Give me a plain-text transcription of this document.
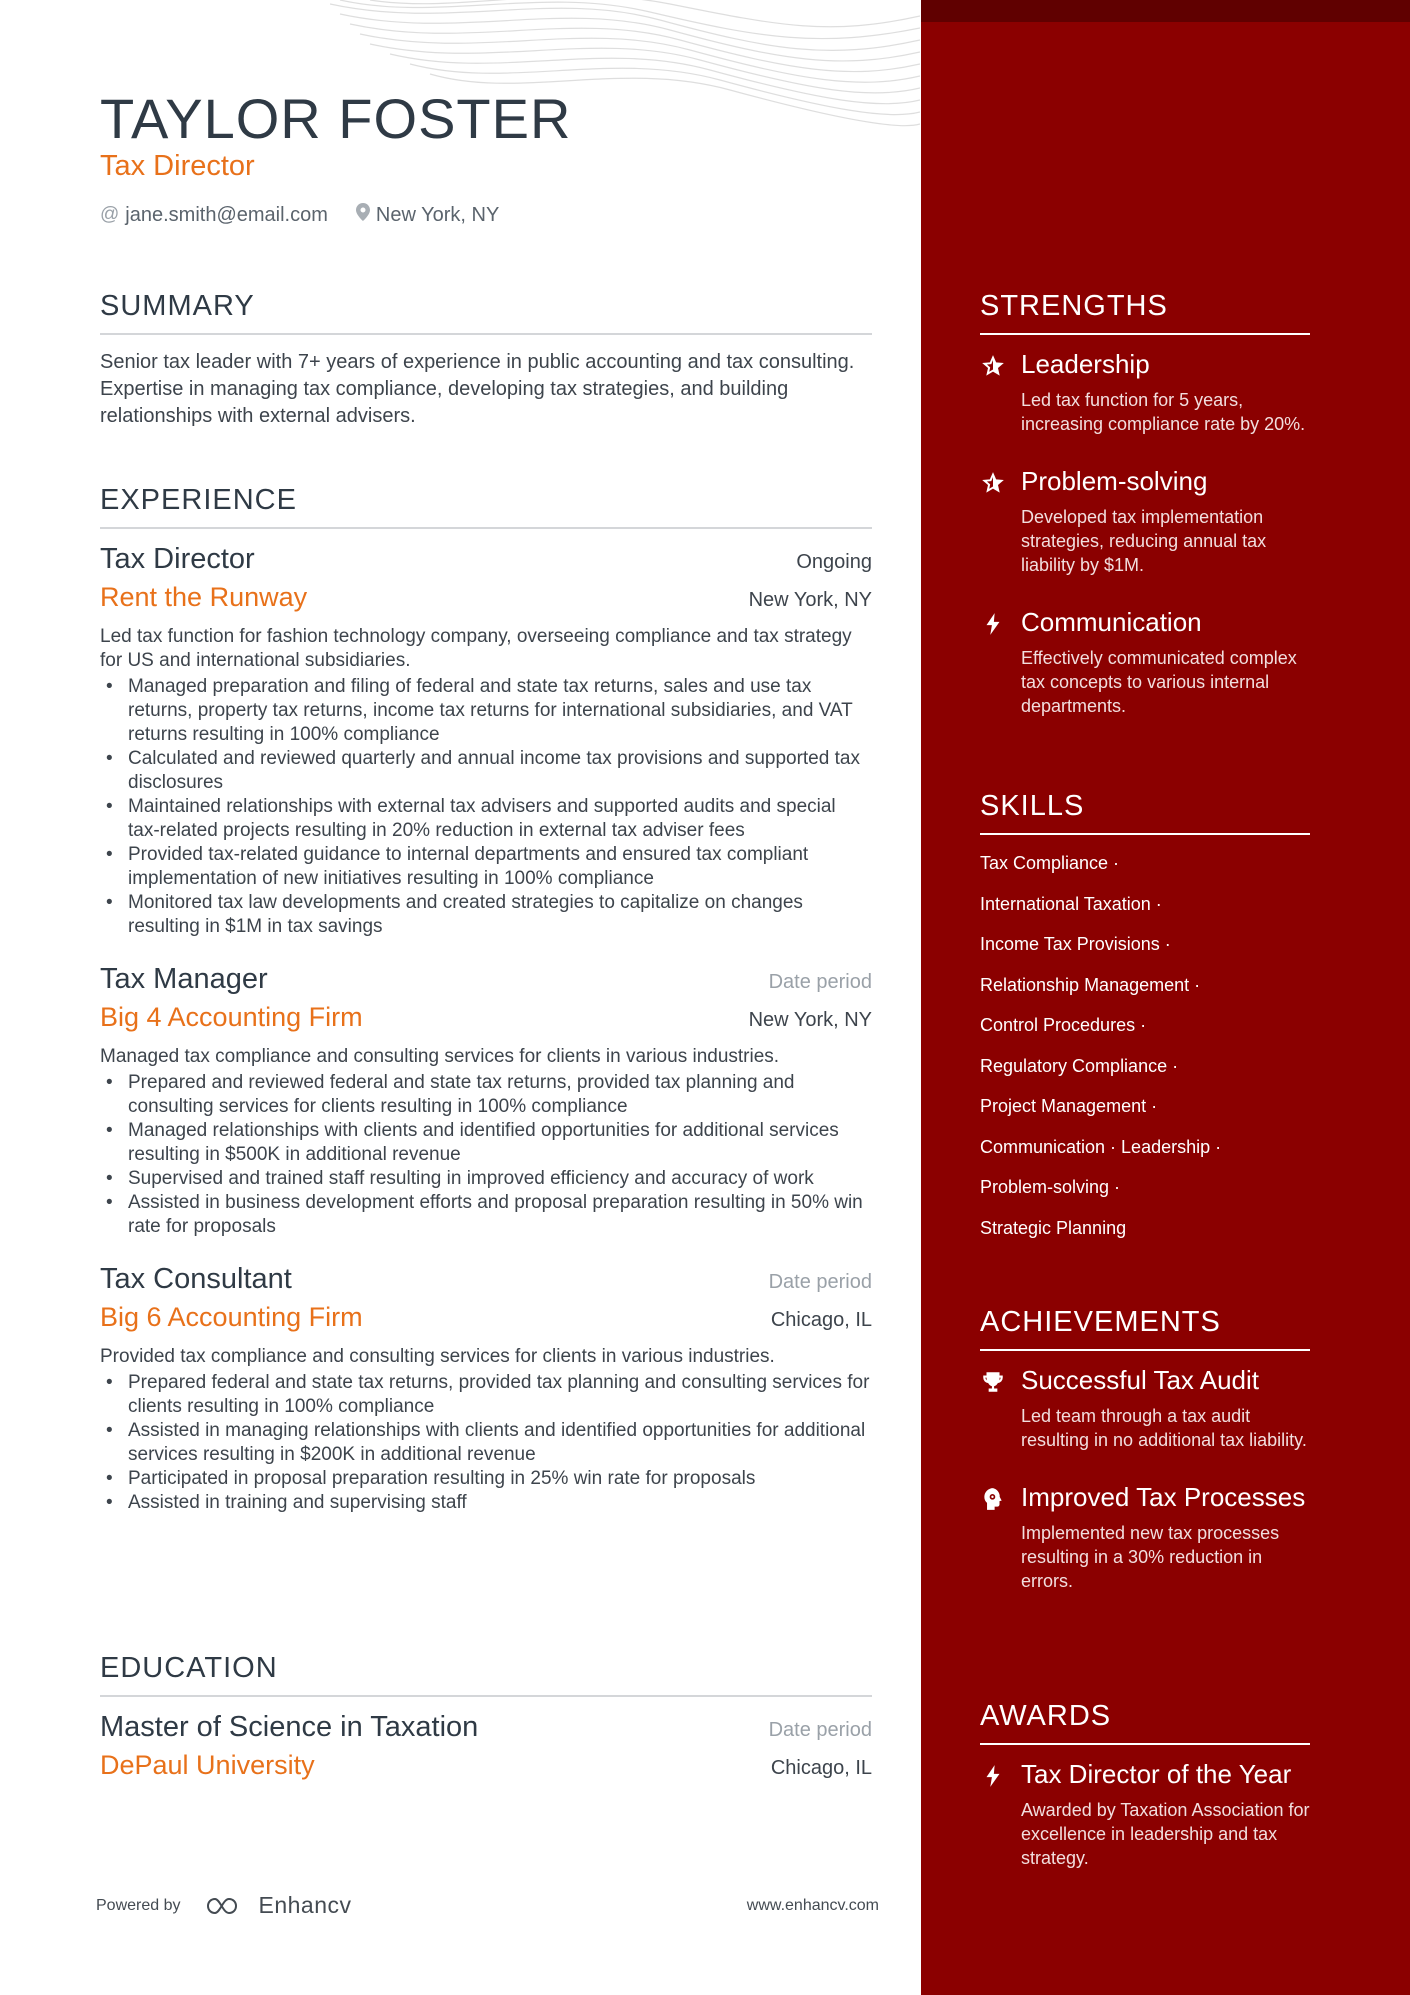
TAYLOR FOSTER
Tax Director
@ jane.smith@email.com New York, NY
SUMMARY

Senior tax leader with 7+ years of experience in public accounting and tax consulting. Expertise in managing tax compliance, developing tax strategies, and building relationships with external advisers.

EXPERIENCE
Tax Director	Ongoing
Rent the Runway	New York, NY
Led tax function for fashion technology company, overseeing compliance and tax strategy for US and international subsidiaries.
• Managed preparation and filing of federal and state tax returns, sales and use tax returns, property tax returns, income tax returns for international subsidiaries, and VAT returns resulting in 100% compliance
• Calculated and reviewed quarterly and annual income tax provisions and supported tax disclosures
• Maintained relationships with external tax advisers and supported audits and special tax-related projects resulting in 20% reduction in external tax adviser fees
• Provided tax-related guidance to internal departments and ensured tax compliant implementation of new initiatives resulting in 100% compliance
• Monitored tax law developments and created strategies to capitalize on changes resulting in $1M in tax savings
Tax Manager	Date period
Big 4 Accounting Firm	New York, NY
Managed tax compliance and consulting services for clients in various industries.
• Prepared and reviewed federal and state tax returns, provided tax planning and consulting services for clients resulting in 100% compliance
• Managed relationships with clients and identified opportunities for additional services resulting in $500K in additional revenue
• Supervised and trained staff resulting in improved efficiency and accuracy of work
• Assisted in business development efforts and proposal preparation resulting in 50% win rate for proposals
Tax Consultant	Date period
Big 6 Accounting Firm	Chicago, IL
Provided tax compliance and consulting services for clients in various industries.
• Prepared federal and state tax returns, provided tax planning and consulting services for clients resulting in 100% compliance
• Assisted in managing relationships with clients and identified opportunities for additional services resulting in $200K in additional revenue
• Participated in proposal preparation resulting in 25% win rate for proposals
• Assisted in training and supervising staff
EDUCATION
Master of Science in Taxation	Date period
DePaul University	Chicago, IL
Powered by	Enhancv	www.enhancv.com
STRENGTHS
Leadership
Led tax function for 5 years, increasing compliance rate by 20%.
Problem-solving
Developed tax implementation strategies, reducing annual tax liability by $1M.
Communication
Effectively communicated complex tax concepts to various internal departments.
SKILLS
Tax Compliance ·
International Taxation ·
Income Tax Provisions ·
Relationship Management ·
Control Procedures ·
Regulatory Compliance ·
Project Management ·
Communication · Leadership ·
Problem-solving ·
Strategic Planning
ACHIEVEMENTS
Successful Tax Audit
Led team through a tax audit resulting in no additional tax liability.
Improved Tax Processes
Implemented new tax processes resulting in a 30% reduction in errors.
AWARDS
Tax Director of the Year
Awarded by Taxation Association for excellence in leadership and tax strategy.
